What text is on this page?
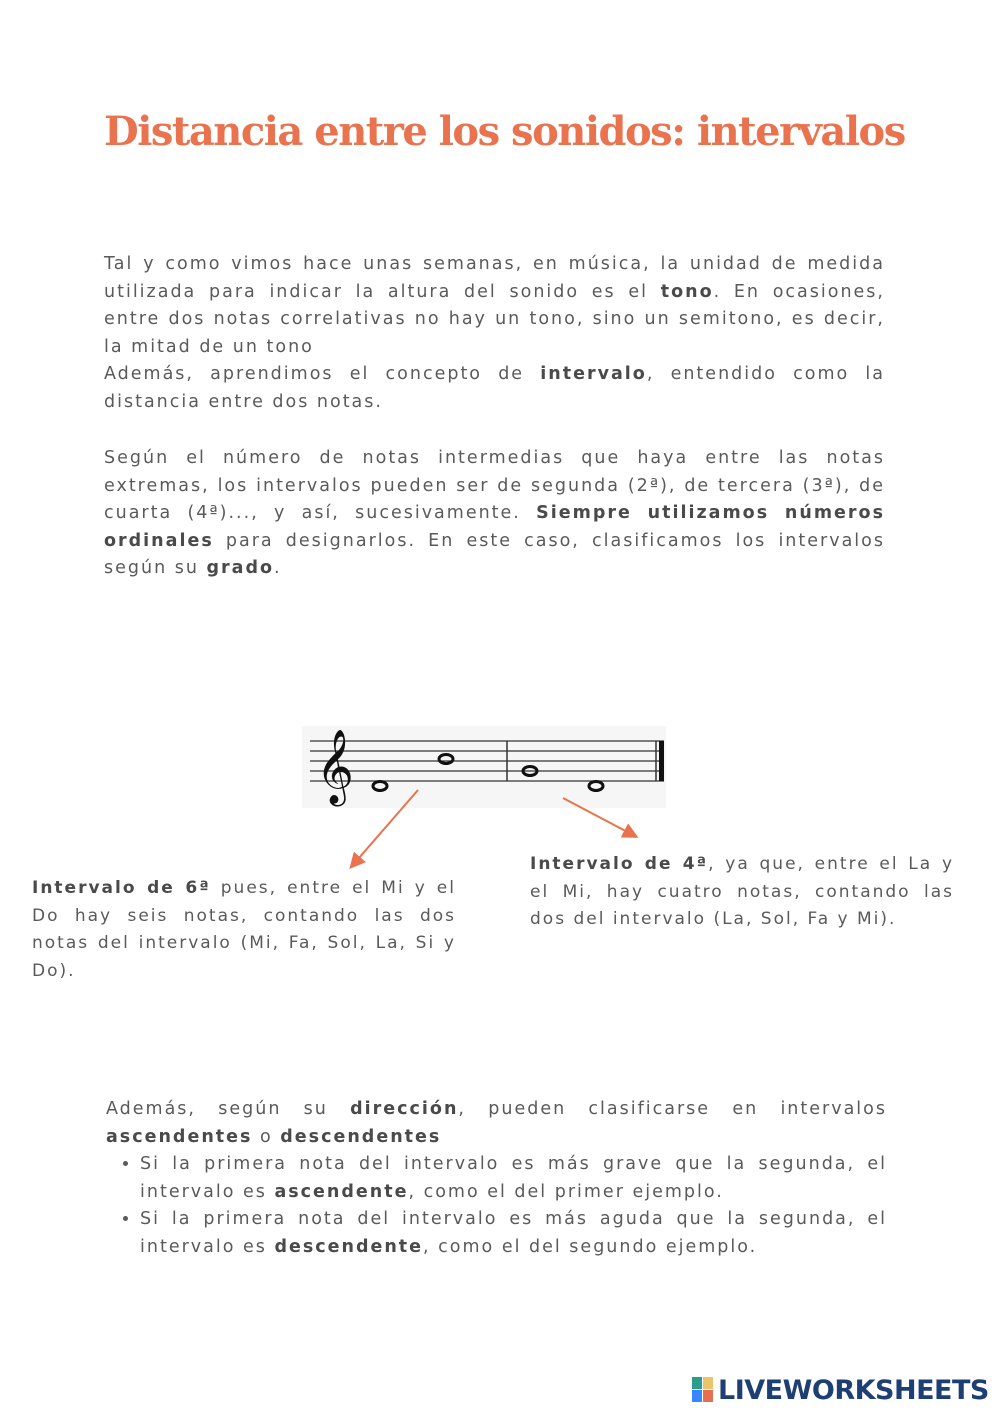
Distancia entre los sonidos: intervalos

Tal y como vimos hace unas semanas, en música, la unidad de medida utilizada para indicar la altura del sonido es el tono. En ocasiones, entre dos notas correlativas no hay un tono, sino un semitono, es decir, la mitad de un tono
Además, aprendimos el concepto de intervalo, entendido como la distancia entre dos notas.

Según el número de notas intermedias que haya entre las notas extremas, los intervalos pueden ser de segunda (2ª), de tercera (3ª), de cuarta (4ª)..., y así, sucesivamente. Siempre utilizamos números ordinales para designarlos. En este caso, clasificamos los intervalos según su grado.

𝄞

Intervalo de 6ª pues, entre el Mi y el Do hay seis notas, contando las dos notas del intervalo (Mi, Fa, Sol, La, Si y Do).

Intervalo de 4ª, ya que, entre el La y el Mi, hay cuatro notas, contando las dos del intervalo (La, Sol, Fa y Mi).

Además, según su dirección, pueden clasificarse en intervalos ascendentes o descendentes

• Si la primera nota del intervalo es más grave que la segunda, el intervalo es ascendente, como el del primer ejemplo.
• Si la primera nota del intervalo es más aguda que la segunda, el intervalo es descendente, como el del segundo ejemplo.
LIVEWORKSHEETS
